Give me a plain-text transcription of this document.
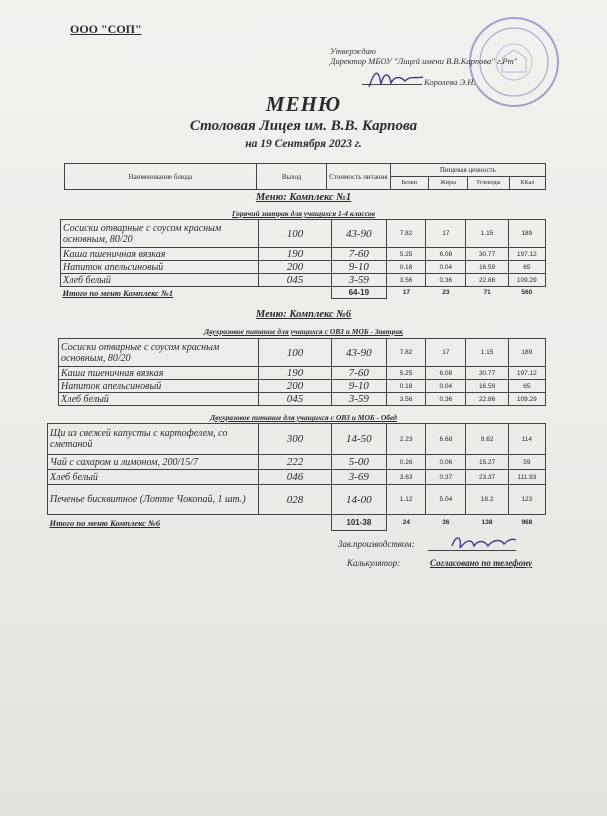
ООО "СОП"
Утверждаю
Директор МБОУ "Лицей имени В.В.Карпова" г.Рт"
Королева Э.Н.
МЕНЮ
Столовая Лицея им. В.В. Карпова
на 19 Сентября 2023 г.
Наименование блюда	Выход	Стоимость питания	Пищевая ценность			
			Белки	Жиры	Углеводы	ККал
Меню: Комплекс №1
Горячий завтрак для учащихся 1-4 классов
Сосиски отварные с соусом красным основным, 80/20	100	43-90	7.82	17	1.15	189
Каша пшеничная вязкая	190	7-60	5.25	6.08	30.77	197.12
Напиток апельсиновый	200	9-10	0.18	0.04	16.59	65
Хлеб белый	045	3-59	3.56	0.36	22.86	109.29
Итого по меню Комплекс №1		64-19	17	23	71	560
Меню: Комплекс №6
Двухразовое питание для учащихся с ОВЗ и МОБ - Завтрак
Сосиски отварные с соусом красным основным, 80/20	100	43-90	7.82	17	1.15	189
Каша пшеничная вязкая	190	7-60	5.25	6.08	30.77	197.12
Напиток апельсиновый	200	9-10	0.18	0.04	16.59	65
Хлеб белый	045	3-59	3.56	0.36	22.86	109.29
Двухразовое питание для учащихся с ОВЗ и МОБ - Обед
Щи из свежей капусты с картофелем, со сметаной	300	14-50	2.23	6.68	9.62	114
Чай с сахаром и лимоном, 200/15/7	222	5-00	0.26	0.06	15.27	59
Хлеб белый	046	3-69	3.63	0.37	23.37	111.93
Печенье бисквитное (Лотте Чокопай, 1 шт.)	028	14-00	1.12	5.04	18.2	123
Итого по меню Комплекс №6		101-38	24	36	138	968
Зав.производством:
Калькулятор:	Согласовано по телефону
